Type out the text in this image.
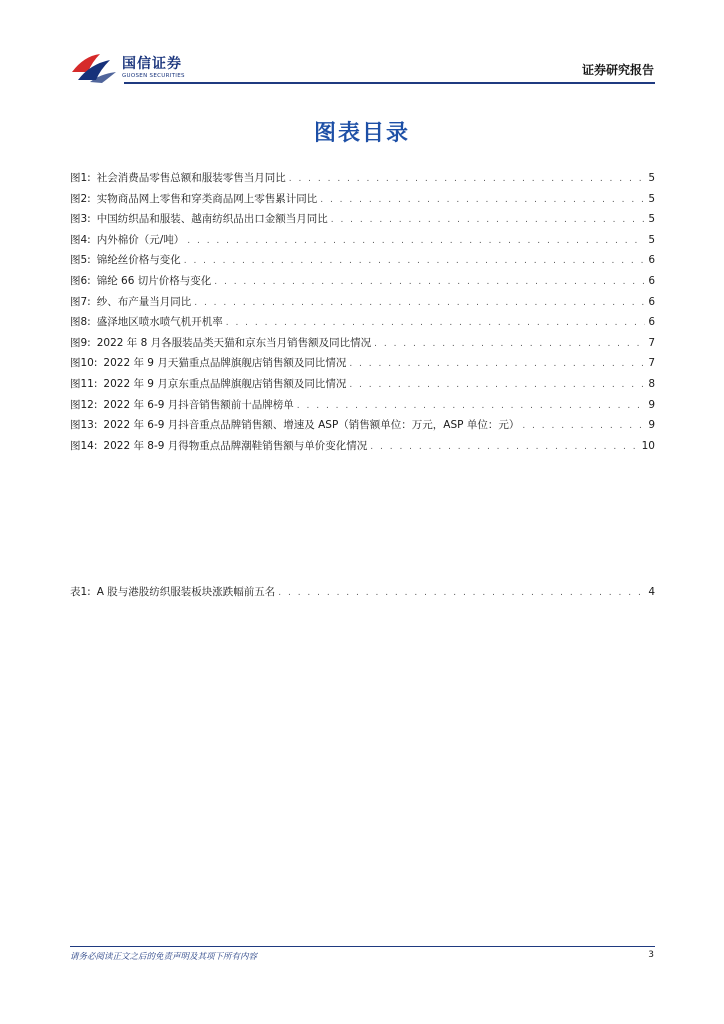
国信证券
GUOSEN SECURITIES	证券研究报告
图表目录
图1: 社会消费品零售总额和服装零售当月同比 . . .	5
图2: 实物商品网上零售和穿类商品网上零售累计同比 . . .	5
图3: 中国纺织品和服装、越南纺织品出口金额当月同比 . . .	5
图4: 内外棉价（元/吨） . . .	5
图5: 锦纶丝价格与变化 . . .	6
图6: 锦纶 66 切片价格与变化 . . .	6
图7: 纱、布产量当月同比 . . .	6
图8: 盛泽地区喷水喷气机开机率 . . .	6
图9: 2022 年 8 月各服装品类天猫和京东当月销售额及同比情况 . . .	7
图10: 2022 年 9 月天猫重点品牌旗舰店销售额及同比情况 . . .	7
图11: 2022 年 9 月京东重点品牌旗舰店销售额及同比情况 . . .	8
图12: 2022 年 6-9 月抖音销售额前十品牌榜单 . . .	9
图13: 2022 年 6-9 月抖音重点品牌销售额、增速及 ASP（销售额单位：万元，ASP 单位：元） . . .	9
图14: 2022 年 8-9 月得物重点品牌潮鞋销售额与单价变化情况 . . .	10
表1: A 股与港股纺织服装板块涨跌幅前五名 . . .	4
请务必阅读正文之后的免责声明及其项下所有内容	3
